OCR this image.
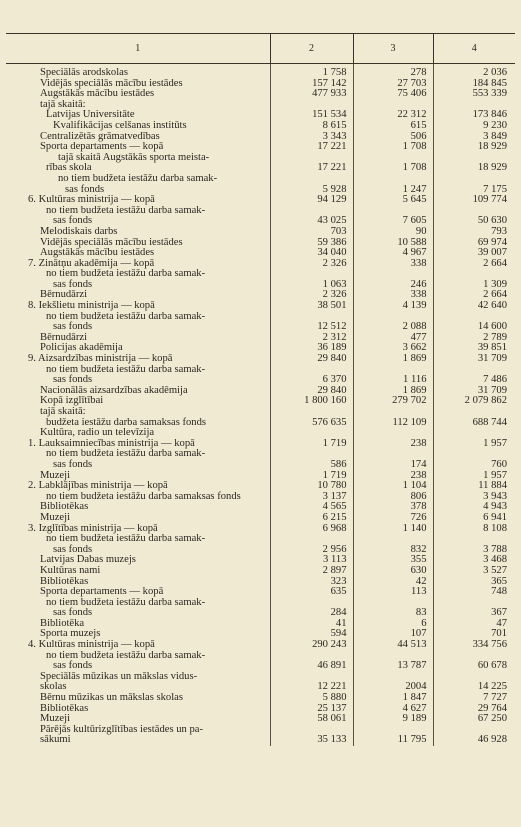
1	2	3	4

Speciālās arodskolas	1 758	278	2 036
Vidējās speciālās mācību iestādes	157 142	27 703	184 845
Augstākās mācību iestādes	477 933	75 406	553 339
tajā skaitā:			
Latvijas Universitāte	151 534	22 312	173 846
Kvalifikācijas celšanas institūts	8 615	615	9 230
Centralizētās grāmatvedības	3 343	506	3 849
Sporta departaments — kopā	17 221	1 708	18 929
tajā skaitā Augstākās sporta meista-			
rības skola	17 221	1 708	18 929
no tiem budžeta iestāžu darba samak-			
sas fonds	5 928	1 247	7 175
6. Kultūras ministrija — kopā	94 129	5 645	109 774
no tiem budžeta iestāžu darba samak-			
sas fonds	43 025	7 605	50 630
Melodiskais darbs	703	90	793
Vidējās speciālās mācību iestādes	59 386	10 588	69 974
Augstākās mācību iestādes	34 040	4 967	39 007
7. Zinātņu akadēmija — kopā	2 326	338	2 664
no tiem budžeta iestāžu darba samak-			
sas fonds	1 063	246	1 309
Bērnudārzi	2 326	338	2 664
8. Iekšlietu ministrija — kopā	38 501	4 139	42 640
no tiem budžeta iestāžu darba samak-			
sas fonds	12 512	2 088	14 600
Bērnudārzi	2 312	477	2 789
Policijas akadēmija	36 189	3 662	39 851
9. Aizsardzības ministrija — kopā	29 840	1 869	31 709
no tiem budžeta iestāžu darba samak-			
sas fonds	6 370	1 116	7 486
Nacionālās aizsardzības akadēmija	29 840	1 869	31 709
Kopā izglītībai	1 800 160	279 702	2 079 862
tajā skaitā:			
budžeta iestāžu darba samaksas fonds	576 635	112 109	688 744
Kultūra, radio un televīzija			
1. Lauksaimniecības ministrija — kopā	1 719	238	1 957
no tiem budžeta iestāžu darba samak-			
sas fonds	586	174	760
Muzeji	1 719	238	1 957
2. Labklājības ministrija — kopā	10 780	1 104	11 884
no tiem budžeta iestāžu darba samaksas fonds	3 137	806	3 943
Bibliotēkas	4 565	378	4 943
Muzeji	6 215	726	6 941
3. Izglītības ministrija — kopā	6 968	1 140	8 108
no tiem budžeta iestāžu darba samak-			
sas fonds	2 956	832	3 788
Latvijas Dabas muzejs	3 113	355	3 468
Kultūras nami	2 897	630	3 527
Bibliotēkas	323	42	365
Sporta departaments — kopā	635	113	748
no tiem budžeta iestāžu darba samak-			
sas fonds	284	83	367
Bibliotēka	41	6	47
Sporta muzejs	594	107	701
4. Kultūras ministrija — kopā	290 243	44 513	334 756
no tiem budžeta iestāžu darba samak-			
sas fonds	46 891	13 787	60 678
Speciālās mūzikas un mākslas vidus-			
skolas	12 221	2004	14 225
Bērnu mūzikas un mākslas skolas	5 880	1 847	7 727
Bibliotēkas	25 137	4 627	29 764
Muzeji	58 061	9 189	67 250
Pārējās kultūrizglītības iestādes un pa-			
sākumi	35 133	11 795	46 928
